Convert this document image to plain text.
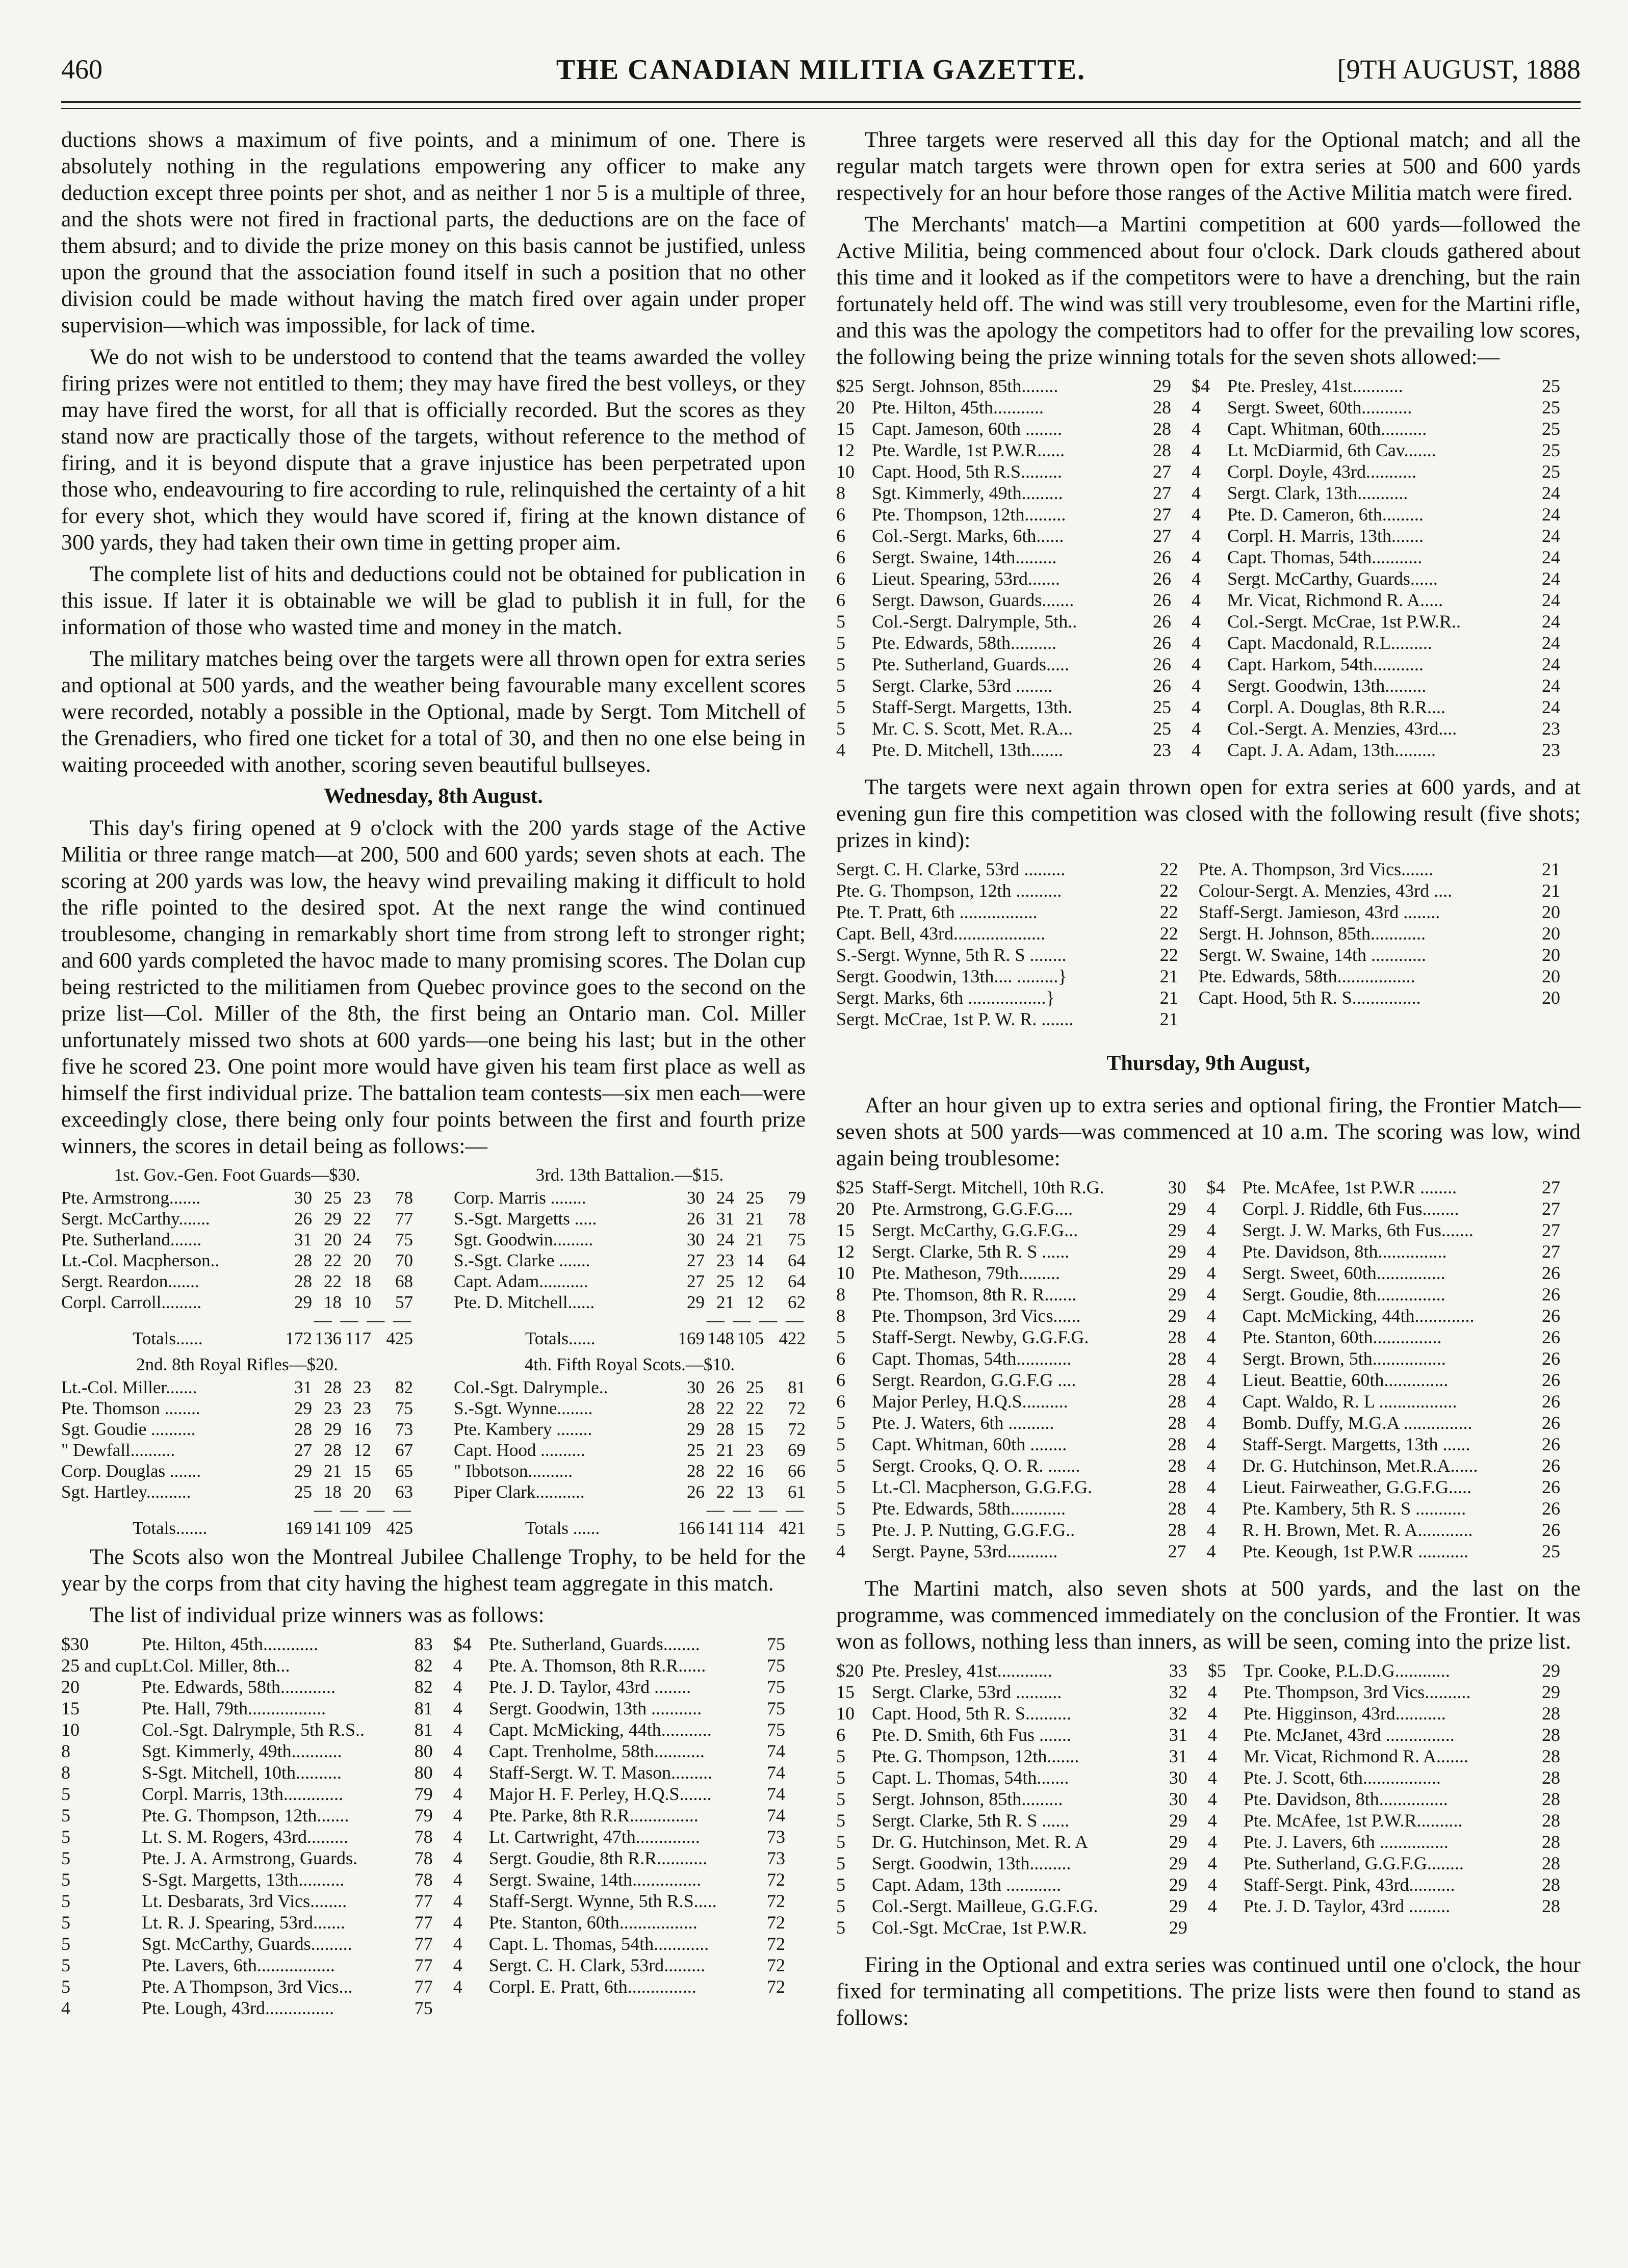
460	THE CANADIAN MILITIA GAZETTE.	[9TH AUGUST, 1888

ductions shows a maximum of five points, and a minimum of one. There is absolutely nothing in the regulations empowering any officer to make any deduction except three points per shot, and as neither 1 nor 5 is a multiple of three, and the shots were not fired in fractional parts, the deductions are on the face of them absurd; and to divide the prize money on this basis cannot be justified, unless upon the ground that the association found itself in such a position that no other division could be made without having the match fired over again under proper supervision—which was impossible, for lack of time.

We do not wish to be understood to contend that the teams awarded the volley firing prizes were not entitled to them; they may have fired the best volleys, or they may have fired the worst, for all that is officially recorded. But the scores as they stand now are practically those of the targets, without reference to the method of firing, and it is beyond dispute that a grave injustice has been perpetrated upon those who, endeavouring to fire according to rule, relinquished the certainty of a hit for every shot, which they would have scored if, firing at the known distance of 300 yards, they had taken their own time in getting proper aim.

The complete list of hits and deductions could not be obtained for publication in this issue. If later it is obtainable we will be glad to publish it in full, for the information of those who wasted time and money in the match.

The military matches being over the targets were all thrown open for extra series and optional at 500 yards, and the weather being favourable many excellent scores were recorded, notably a possible in the Optional, made by Sergt. Tom Mitchell of the Grenadiers, who fired one ticket for a total of 30, and then no one else being in waiting proceeded with another, scoring seven beautiful bullseyes.

Wednesday, 8th August.

This day's firing opened at 9 o'clock with the 200 yards stage of the Active Militia or three range match—at 200, 500 and 600 yards; seven shots at each. The scoring at 200 yards was low, the heavy wind prevailing making it difficult to hold the rifle pointed to the desired spot. At the next range the wind continued troublesome, changing in remarkably short time from strong left to stronger right; and 600 yards completed the havoc made to many promising scores. The Dolan cup being restricted to the militiamen from Quebec province goes to the second on the prize list—Col. Miller of the 8th, the first being an Ontario man. Col. Miller unfortunately missed two shots at 600 yards—one being his last; but in the other five he scored 23. One point more would have given his team first place as well as himself the first individual prize. The battalion team contests—six men each—were exceedingly close, there being only four points between the first and fourth prize winners, the scores in detail being as follows:—

1st. Gov.-Gen. Foot Guards—$30.
Pte. Armstrong.......	30 25 23	78
Sergt. McCarthy.......	26 29 22	77
Pte. Sutherland.......	31 20 24	75
Lt.-Col. Macpherson..	28 22 20	70
Sergt. Reardon.......	28 22 18	68
Corpl. Carroll.........	29 18 10	57
— — — —
Totals......	172 136 117 425
3rd. 13th Battalion.—$15.
Corp. Marris ........	30 24 25	79
S.-Sgt. Margetts .....	26 31 21	78
Sgt. Goodwin.........	30 24 21	75
S.-Sgt. Clarke .......	27 23 14	64
Capt. Adam...........	27 25 12	64
Pte. D. Mitchell......	29 21 12	62
— — — —
Totals......	169 148 105 422
2nd. 8th Royal Rifles—$20.
Lt.-Col. Miller.......	31 28 23	82
Pte. Thomson ........	29 23 23	75
Sgt. Goudie ..........	28 29 16	73
" Dewfall..........	27 28 12	67
Corp. Douglas .......	29 21 15	65
Sgt. Hartley..........	25 18 20	63
— — — —
Totals.......	169 141 109 425
4th. Fifth Royal Scots.—$10.
Col.-Sgt. Dalrymple..	30 26 25	81
S.-Sgt. Wynne........	28 22 22	72
Pte. Kambery ........	29 28 15	72
Capt. Hood ..........	25 21 23	69
" Ibbotson..........	28 22 16	66
Piper Clark...........	26 22 13	61
— — — —
Totals ......	166 141 114 421

The Scots also won the Montreal Jubilee Challenge Trophy, to be held for the year by the corps from that city having the highest team aggregate in this match.

The list of individual prize winners was as follows:

$30	Pte. Hilton, 45th............	83	$4	Pte. Sutherland, Guards........	75
25 and cup	Lt.Col. Miller, 8th...	82	4	Pte. A. Thomson, 8th R.R......	75
20	Pte. Edwards, 58th............	82	4	Pte. J. D. Taylor, 43rd ........	75
15	Pte. Hall, 79th.................	81	4	Sergt. Goodwin, 13th ...........	75
10	Col.-Sgt. Dalrymple, 5th R.S..	81	4	Capt. McMicking, 44th...........	75
8	Sgt. Kimmerly, 49th...........	80	4	Capt. Trenholme, 58th...........	74
8	S-Sgt. Mitchell, 10th..........	80	4	Staff-Sergt. W. T. Mason.........	74
5	Corpl. Marris, 13th.............	79	4	Major H. F. Perley, H.Q.S.......	74
5	Pte. G. Thompson, 12th.......	79	4	Pte. Parke, 8th R.R...............	74
5	Lt. S. M. Rogers, 43rd.........	78	4	Lt. Cartwright, 47th..............	73
5	Pte. J. A. Armstrong, Guards.	78	4	Sergt. Goudie, 8th R.R...........	73
5	S-Sgt. Margetts, 13th..........	78	4	Sergt. Swaine, 14th...............	72
5	Lt. Desbarats, 3rd Vics........	77	4	Staff-Sergt. Wynne, 5th R.S.....	72
5	Lt. R. J. Spearing, 53rd.......	77	4	Pte. Stanton, 60th.................	72
5	Sgt. McCarthy, Guards.........	77	4	Capt. L. Thomas, 54th............	72
5	Pte. Lavers, 6th.................	77	4	Sergt. C. H. Clark, 53rd.........	72
5	Pte. A Thompson, 3rd Vics...	77	4	Corpl. E. Pratt, 6th...............	72
4	Pte. Lough, 43rd...............	75			

Three targets were reserved all this day for the Optional match; and all the regular match targets were thrown open for extra series at 500 and 600 yards respectively for an hour before those ranges of the Active Militia match were fired.

The Merchants' match—a Martini competition at 600 yards—followed the Active Militia, being commenced about four o'clock. Dark clouds gathered about this time and it looked as if the competitors were to have a drenching, but the rain fortunately held off. The wind was still very troublesome, even for the Martini rifle, and this was the apology the competitors had to offer for the prevailing low scores, the following being the prize winning totals for the seven shots allowed:—

$25	Sergt. Johnson, 85th........	29	$4	Pte. Presley, 41st...........	25
20	Pte. Hilton, 45th...........	28	4	Sergt. Sweet, 60th...........	25
15	Capt. Jameson, 60th ........	28	4	Capt. Whitman, 60th..........	25
12	Pte. Wardle, 1st P.W.R......	28	4	Lt. McDiarmid, 6th Cav.......	25
10	Capt. Hood, 5th R.S.........	27	4	Corpl. Doyle, 43rd...........	25
8	Sgt. Kimmerly, 49th.........	27	4	Sergt. Clark, 13th...........	24
6	Pte. Thompson, 12th.........	27	4	Pte. D. Cameron, 6th.........	24
6	Col.-Sergt. Marks, 6th......	27	4	Corpl. H. Marris, 13th.......	24
6	Sergt. Swaine, 14th.........	26	4	Capt. Thomas, 54th...........	24
6	Lieut. Spearing, 53rd.......	26	4	Sergt. McCarthy, Guards......	24
6	Sergt. Dawson, Guards.......	26	4	Mr. Vicat, Richmond R. A.....	24
5	Col.-Sergt. Dalrymple, 5th..	26	4	Col.-Sergt. McCrae, 1st P.W.R..	24
5	Pte. Edwards, 58th..........	26	4	Capt. Macdonald, R.L.........	24
5	Pte. Sutherland, Guards.....	26	4	Capt. Harkom, 54th...........	24
5	Sergt. Clarke, 53rd ........	26	4	Sergt. Goodwin, 13th.........	24
5	Staff-Sergt. Margetts, 13th.	25	4	Corpl. A. Douglas, 8th R.R....	24
5	Mr. C. S. Scott, Met. R.A...	25	4	Col.-Sergt. A. Menzies, 43rd....	23
4	Pte. D. Mitchell, 13th.......	23	4	Capt. J. A. Adam, 13th.........	23

The targets were next again thrown open for extra series at 600 yards, and at evening gun fire this competition was closed with the following result (five shots; prizes in kind):

Sergt. C. H. Clarke, 53rd .........	22	Pte. A. Thompson, 3rd Vics.......	21
Pte. G. Thompson, 12th ..........	22	Colour-Sergt. A. Menzies, 43rd ....	21
Pte. T. Pratt, 6th .................	22	Staff-Sergt. Jamieson, 43rd ........	20
Capt. Bell, 43rd....................	22	Sergt. H. Johnson, 85th............	20
S.-Sergt. Wynne, 5th R. S ........	22	Sergt. W. Swaine, 14th ............	20
Sergt. Goodwin, 13th.... .........}	21	Pte. Edwards, 58th.................	20
Sergt. Marks, 6th .................}	21	Capt. Hood, 5th R. S...............	20
Sergt. McCrae, 1st P. W. R. .......	21		
Thursday, 9th August,

After an hour given up to extra series and optional firing, the Frontier Match—seven shots at 500 yards—was commenced at 10 a.m. The scoring was low, wind again being troublesome:

$25	Staff-Sergt. Mitchell, 10th R.G.	30	$4	Pte. McAfee, 1st P.W.R ........	27
20	Pte. Armstrong, G.G.F.G....	29	4	Corpl. J. Riddle, 6th Fus........	27
15	Sergt. McCarthy, G.G.F.G...	29	4	Sergt. J. W. Marks, 6th Fus.......	27
12	Sergt. Clarke, 5th R. S ......	29	4	Pte. Davidson, 8th...............	27
10	Pte. Matheson, 79th.........	29	4	Sergt. Sweet, 60th...............	26
8	Pte. Thomson, 8th R. R.......	29	4	Sergt. Goudie, 8th...............	26
8	Pte. Thompson, 3rd Vics......	29	4	Capt. McMicking, 44th.............	26
5	Staff-Sergt. Newby, G.G.F.G.	28	4	Pte. Stanton, 60th...............	26
6	Capt. Thomas, 54th............	28	4	Sergt. Brown, 5th................	26
6	Sergt. Reardon, G.G.F.G ....	28	4	Lieut. Beattie, 60th..............	26
6	Major Perley, H.Q.S..........	28	4	Capt. Waldo, R. L .................	26
5	Pte. J. Waters, 6th ..........	28	4	Bomb. Duffy, M.G.A ...............	26
5	Capt. Whitman, 60th ........	28	4	Staff-Sergt. Margetts, 13th ......	26
5	Sergt. Crooks, Q. O. R. .......	28	4	Dr. G. Hutchinson, Met.R.A......	26
5	Lt.-Cl. Macpherson, G.G.F.G.	28	4	Lieut. Fairweather, G.G.F.G.....	26
5	Pte. Edwards, 58th............	28	4	Pte. Kambery, 5th R. S ...........	26
5	Pte. J. P. Nutting, G.G.F.G..	28	4	R. H. Brown, Met. R. A............	26
4	Sergt. Payne, 53rd...........	27	4	Pte. Keough, 1st P.W.R ...........	25

The Martini match, also seven shots at 500 yards, and the last on the programme, was commenced immediately on the conclusion of the Frontier. It was won as follows, nothing less than inners, as will be seen, coming into the prize list.

$20	Pte. Presley, 41st............	33	$5	Tpr. Cooke, P.L.D.G............	29
15	Sergt. Clarke, 53rd ..........	32	4	Pte. Thompson, 3rd Vics..........	29
10	Capt. Hood, 5th R. S..........	32	4	Pte. Higginson, 43rd...........	28
6	Pte. D. Smith, 6th Fus .......	31	4	Pte. McJanet, 43rd ...............	28
5	Pte. G. Thompson, 12th.......	31	4	Mr. Vicat, Richmond R. A.......	28
5	Capt. L. Thomas, 54th.......	30	4	Pte. J. Scott, 6th.................	28
5	Sergt. Johnson, 85th.........	30	4	Pte. Davidson, 8th...............	28
5	Sergt. Clarke, 5th R. S ......	29	4	Pte. McAfee, 1st P.W.R..........	28
5	Dr. G. Hutchinson, Met. R. A	29	4	Pte. J. Lavers, 6th ...............	28
5	Sergt. Goodwin, 13th.........	29	4	Pte. Sutherland, G.G.F.G........	28
5	Capt. Adam, 13th ............	29	4	Staff-Sergt. Pink, 43rd..........	28
5	Col.-Sergt. Mailleue, G.G.F.G.	29	4	Pte. J. D. Taylor, 43rd .........	28
5	Col.-Sgt. McCrae, 1st P.W.R.	29			

Firing in the Optional and extra series was continued until one o'clock, the hour fixed for terminating all competitions. The prize lists were then found to stand as follows:
